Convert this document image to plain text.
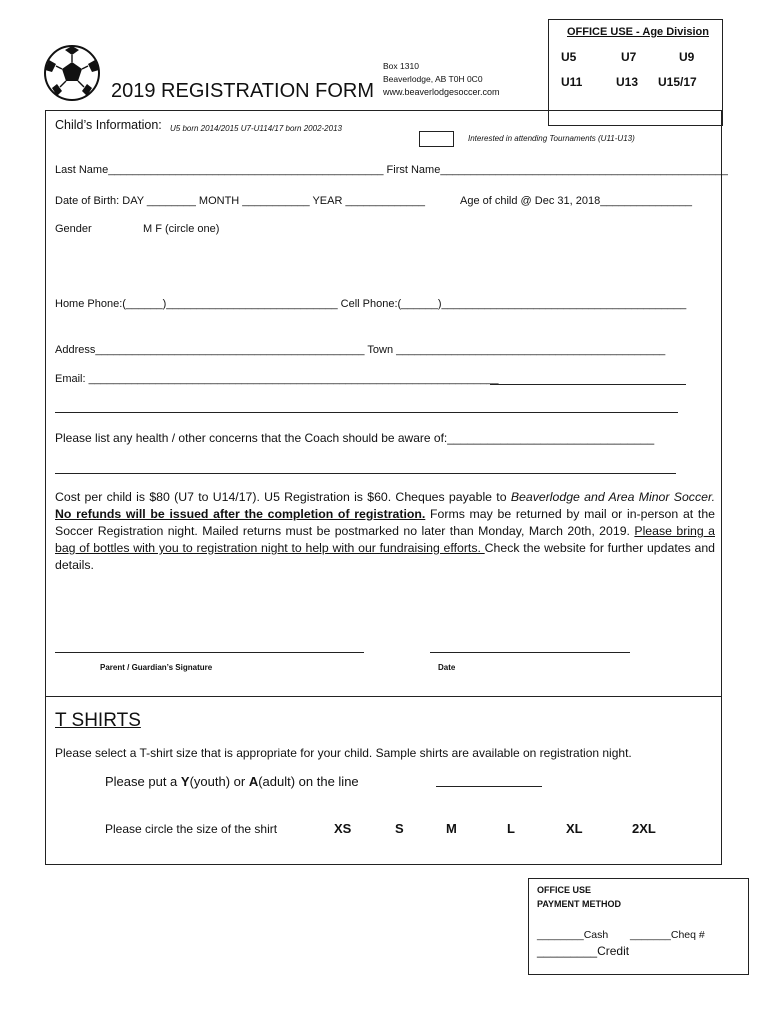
OFFICE USE - Age Division
U5	U7	U9
U11	U13 U15/17
2019 REGISTRATION FORM
Box 1310
Beaverlodge, AB T0H 0C0
www.beaverlodgesoccer.com
Child’s Information: U5 born 2014/2015 U7-U114/17 born 2002-2013
Interested in attending Tournaments (U11-U13)
Last Name_____________________________________________ First Name_______________________________________________
Date of Birth: DAY ________ MONTH ___________ YEAR _____________	Age of child @ Dec 31, 2018_______________
Gender	M F (circle one)
Home Phone:(______)____________________________ Cell Phone:(______)________________________________________
Address____________________________________________ Town ____________________________________________
Email: ___________________________________________________________________
Please list any health / other concerns that the Coach should be aware of:_______________________________
Cost per child is $80 (U7 to U14/17). U5 Registration is $60. Cheques payable to Beaverlodge and Area Minor Soccer. No refunds will be issued after the completion of registration. Forms may be returned by mail or in-person at the Soccer Registration night. Mailed returns must be postmarked no later than Monday, March 20th, 2019. Please bring a bag of bottles with you to registration night to help with our fundraising efforts. Check the website for further updates and details.
Parent / Guardian’s Signature	Date
T SHIRTS
Please select a T-shirt size that is appropriate for your child. Sample shirts are available on registration night.
Please put a Y(youth) or A(adult) on the line
Please circle the size of the shirt	XS	S	M	L	XL	2XL
OFFICE USE
PAYMENT METHOD
________Cash _______Cheq #
_________Credit
